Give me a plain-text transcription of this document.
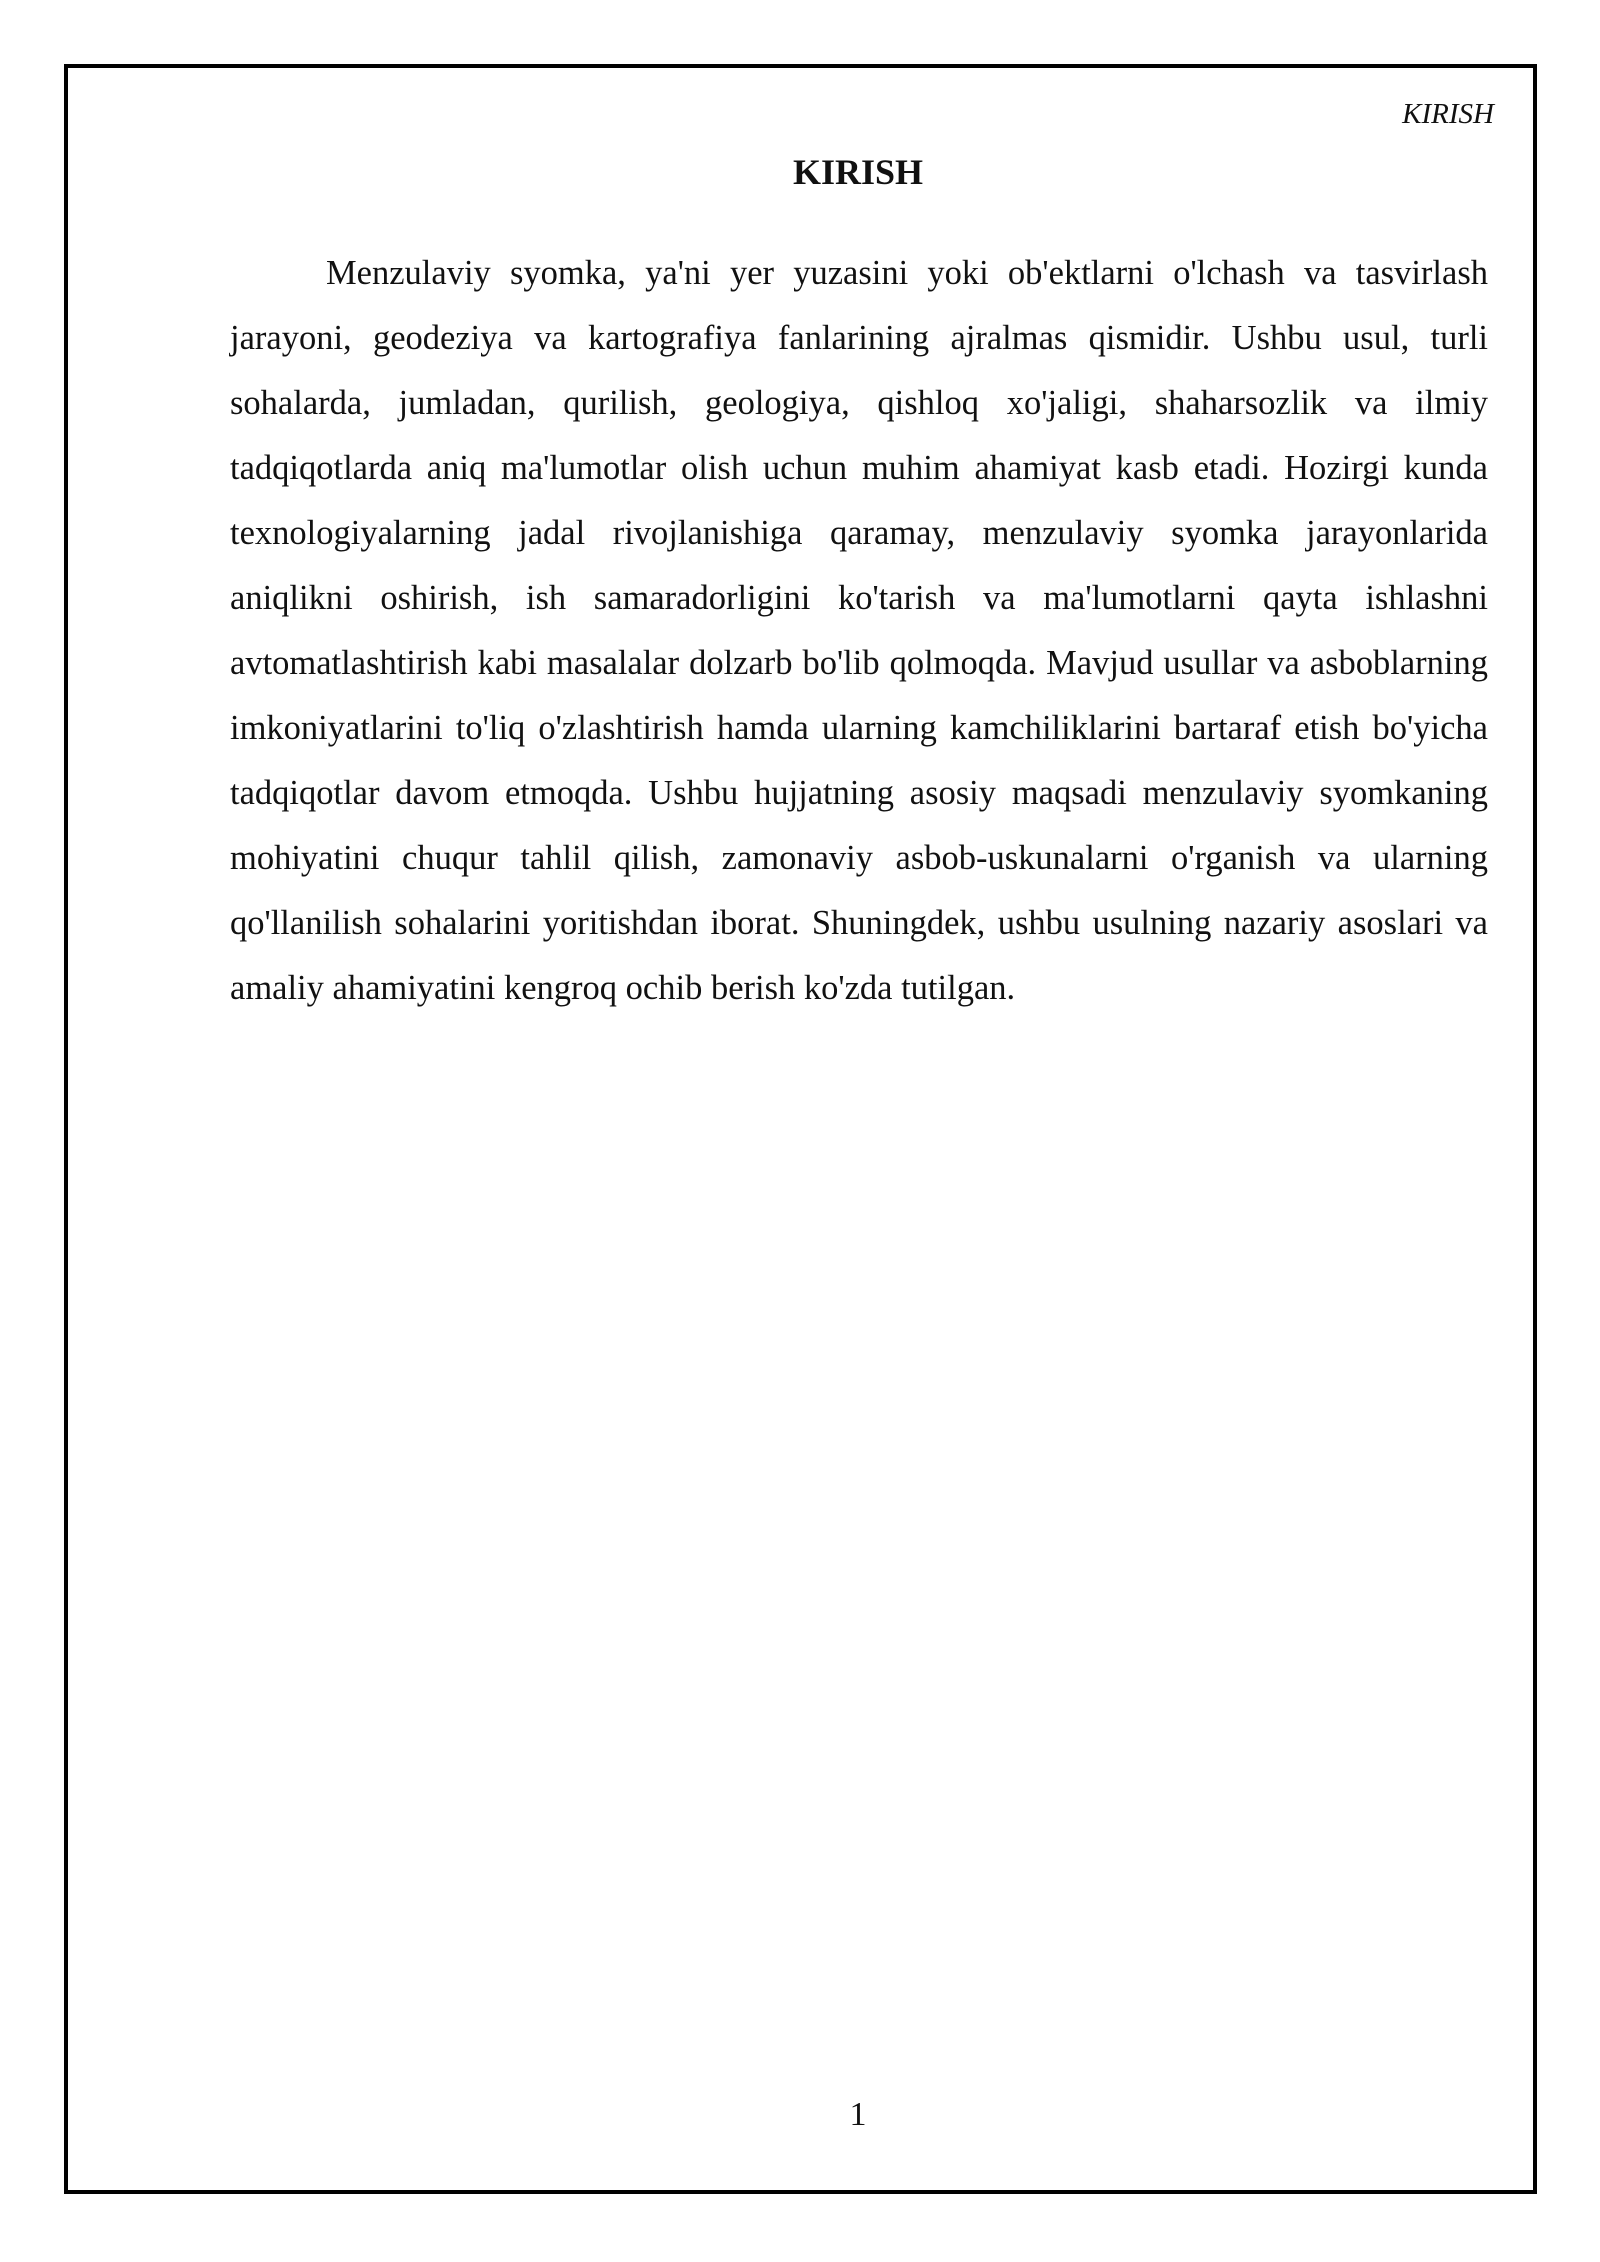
KIRISH
KIRISH

Menzulaviy syomka, ya'ni yer yuzasini yoki ob'ektlarni o'lchash va tasvirlash jarayoni, geodeziya va kartografiya fanlarining ajralmas qismidir. Ushbu usul, turli sohalarda, jumladan, qurilish, geologiya, qishloq xo'jaligi, shaharsozlik va ilmiy tadqiqotlarda aniq ma'lumotlar olish uchun muhim ahamiyat kasb etadi. Hozirgi kunda texnologiyalarning jadal rivojlanishiga qaramay, menzulaviy syomka jarayonlarida aniqlikni oshirish, ish samaradorligini ko'tarish va ma'lumotlarni qayta ishlashni avtomatlashtirish kabi masalalar dolzarb bo'lib qolmoqda. Mavjud usullar va asboblarning imkoniyatlarini to'liq o'zlashtirish hamda ularning kamchiliklarini bartaraf etish bo'yicha tadqiqotlar davom etmoqda. Ushbu hujjatning asosiy maqsadi menzulaviy syomkaning mohiyatini chuqur tahlil qilish, zamonaviy asbob-uskunalarni o'rganish va ularning qo'llanilish sohalarini yoritishdan iborat. Shuningdek, ushbu usulning nazariy asoslari va amaliy ahamiyatini kengroq ochib berish ko'zda tutilgan.

1
